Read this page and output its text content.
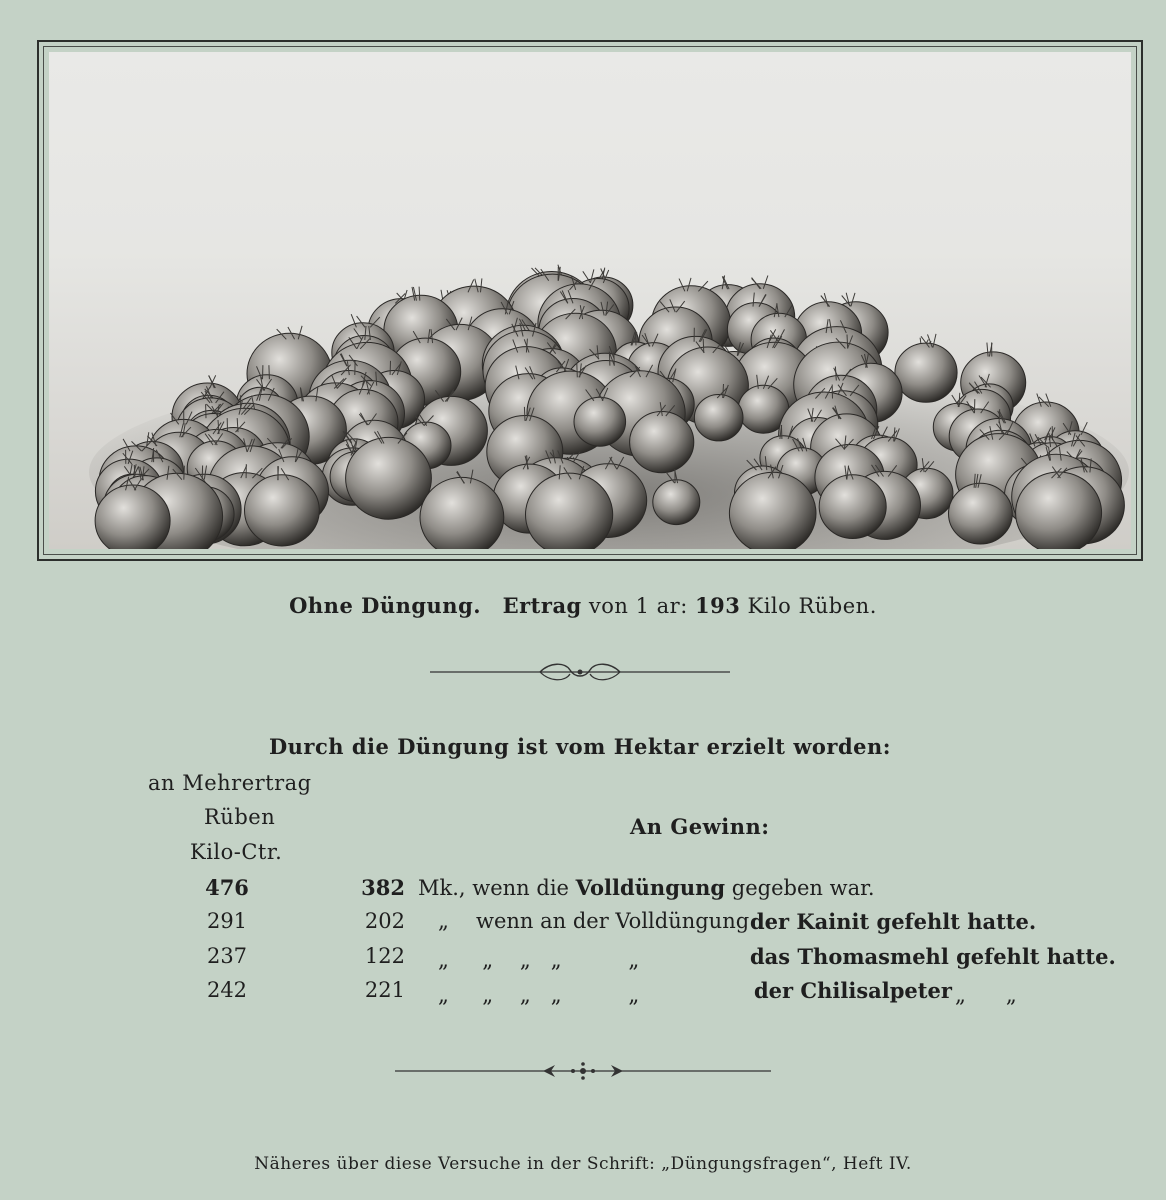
Ohne Düngung. Ertrag von 1 ar: 193 Kilo Rüben.
Durch die Düngung ist vom Hektar erzielt worden:
an Mehrertrag
Rüben
Kilo-Ctr.
An Gewinn:
476	382 Mk., wenn die Volldüngung gegeben war.
291	202 „ wenn an der Volldüngung der Kainit gefehlt hatte.
237	122 „     „    „   „          „	das Thomasmehl gefehlt hatte.
242	221 „     „    „   „          „	der Chilisalpeter „      „
Näheres über diese Versuche in der Schrift: „Düngungsfragen“, Heft IV.
